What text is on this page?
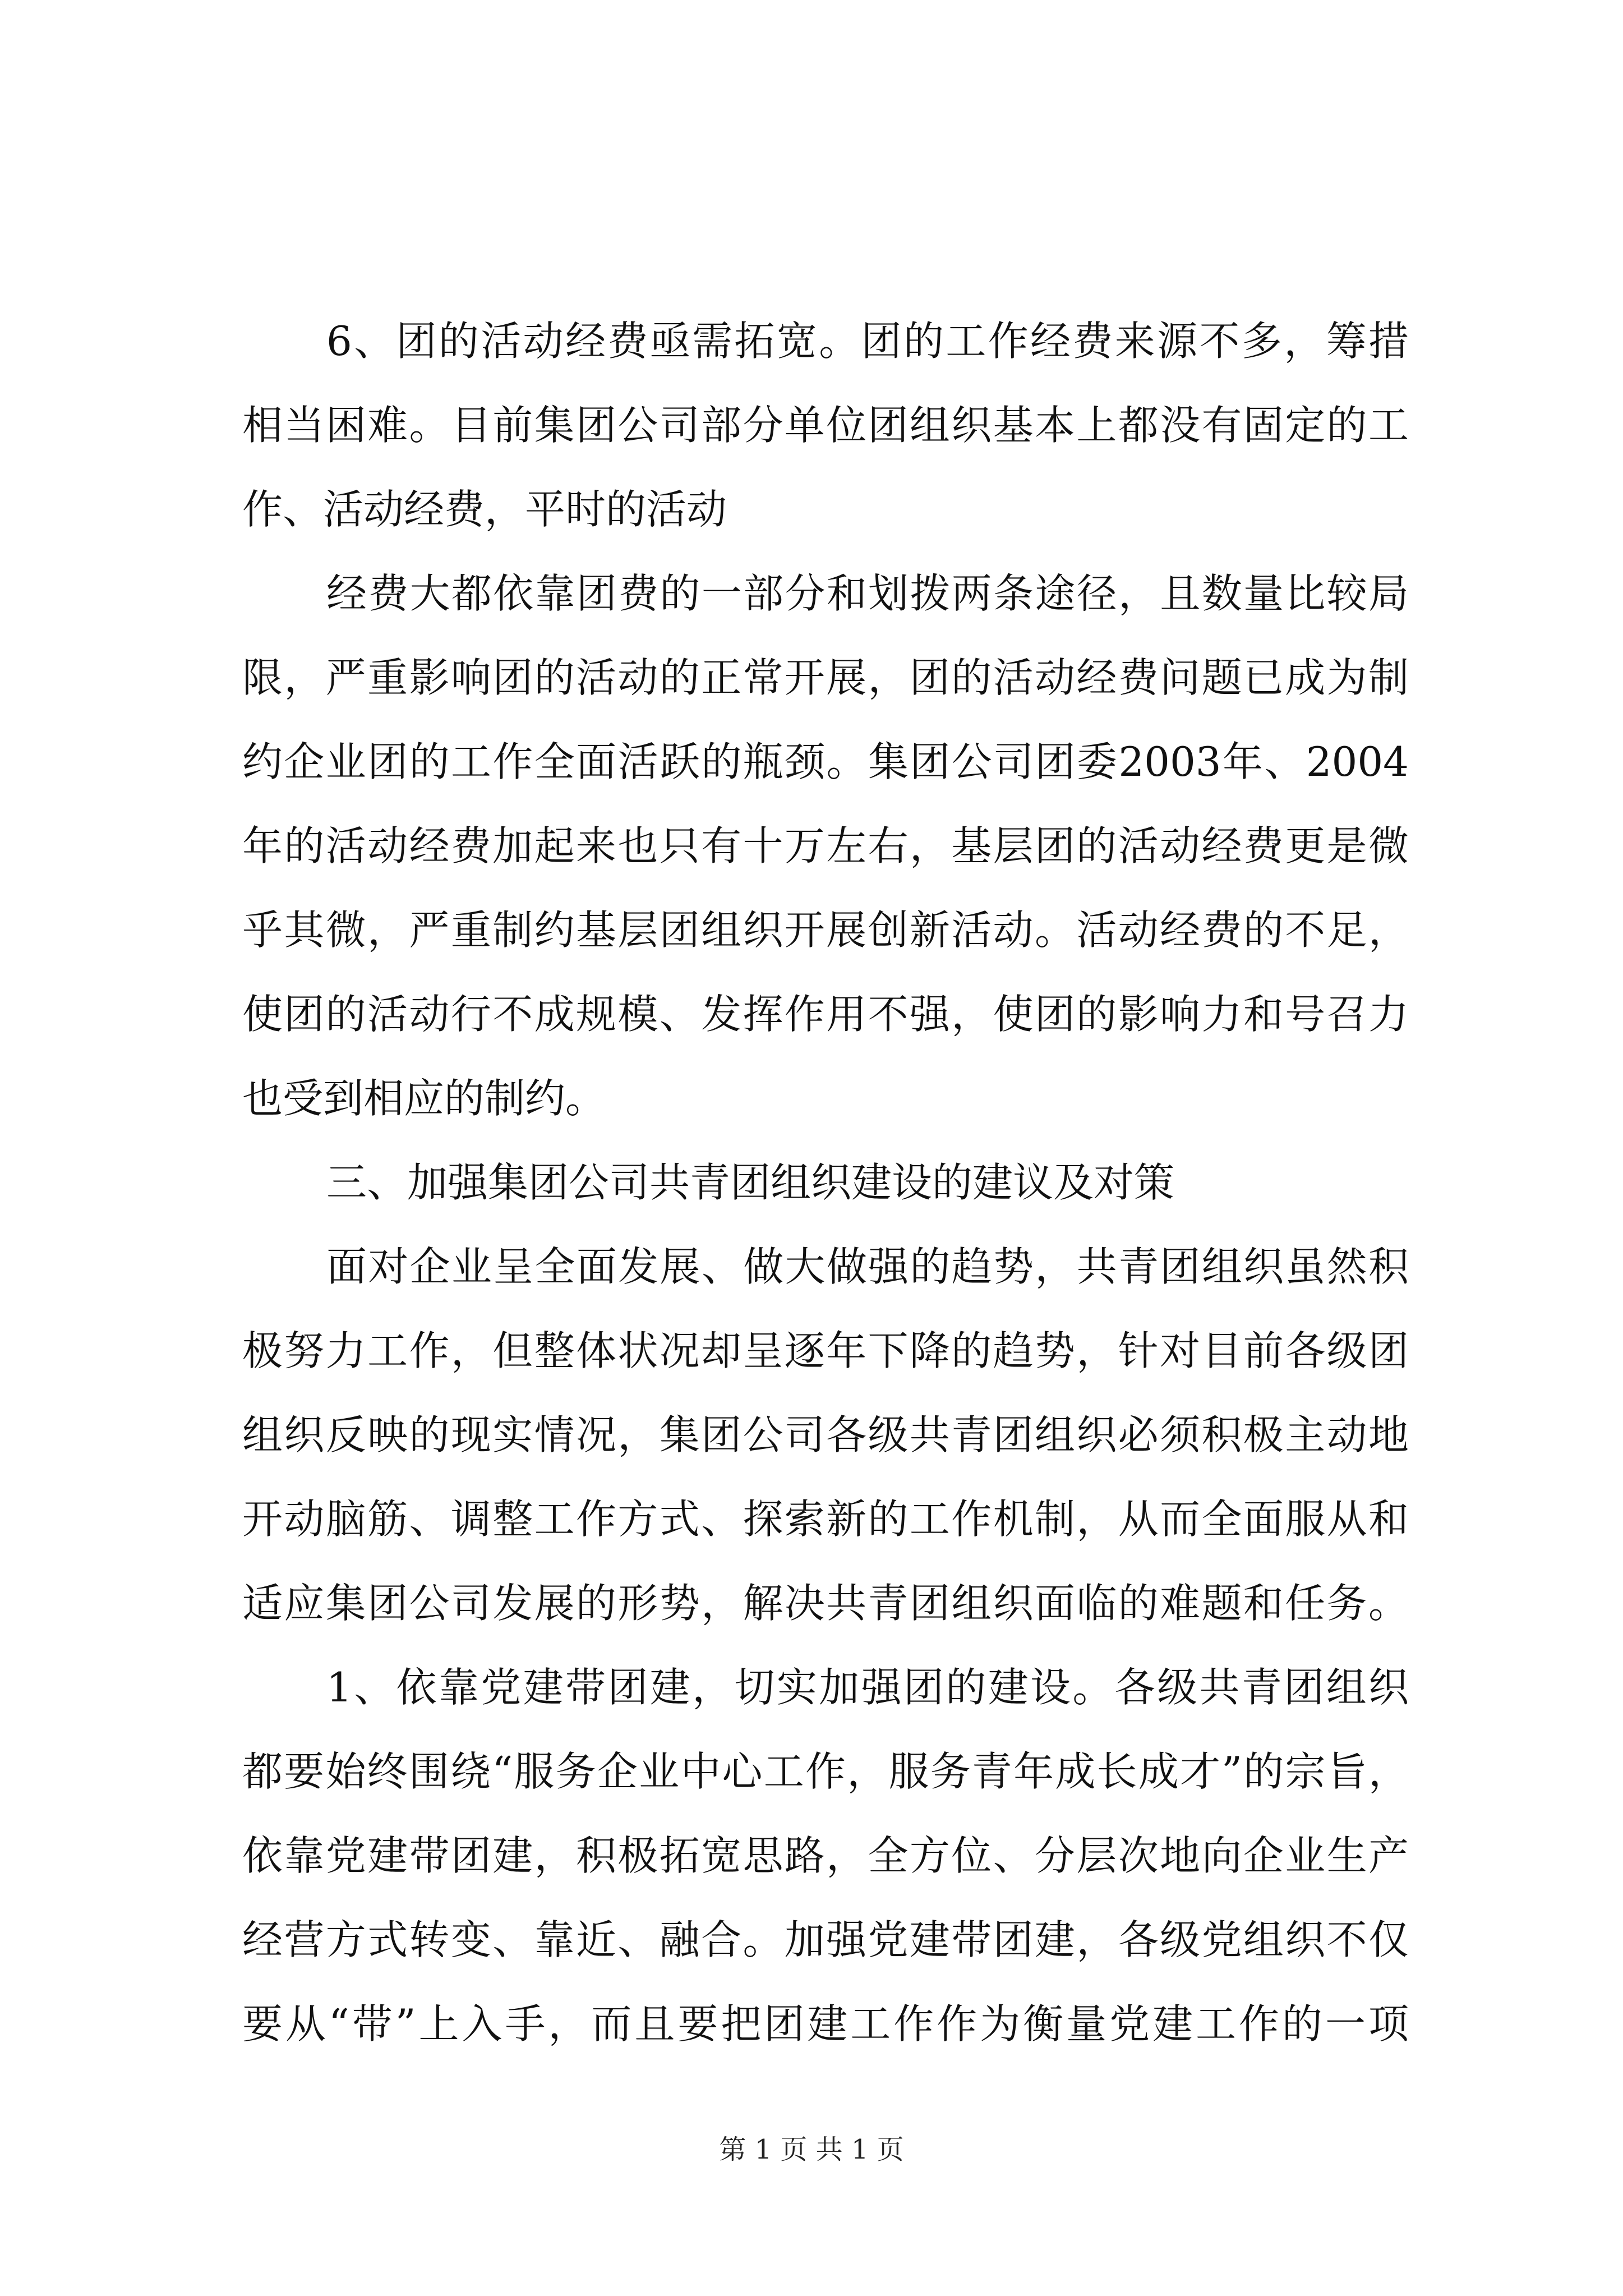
6、团的活动经费亟需拓宽。团的工作经费来源不多，筹措
相当困难。目前集团公司部分单位团组织基本上都没有固定的工
作、活动经费，平时的活动
经费大都依靠团费的一部分和划拨两条途径，且数量比较局
限，严重影响团的活动的正常开展，团的活动经费问题已成为制
约企业团的工作全面活跃的瓶颈。集团公司团委2003年、2004
年的活动经费加起来也只有十万左右，基层团的活动经费更是微
乎其微，严重制约基层团组织开展创新活动。活动经费的不足，
使团的活动行不成规模、发挥作用不强，使团的影响力和号召力
也受到相应的制约。
三、加强集团公司共青团组织建设的建议及对策
面对企业呈全面发展、做大做强的趋势，共青团组织虽然积
极努力工作，但整体状况却呈逐年下降的趋势，针对目前各级团
组织反映的现实情况，集团公司各级共青团组织必须积极主动地
开动脑筋、调整工作方式、探索新的工作机制，从而全面服从和
适应集团公司发展的形势，解决共青团组织面临的难题和任务。
1、依靠党建带团建，切实加强团的建设。各级共青团组织
都要始终围绕“服务企业中心工作，服务青年成长成才”的宗旨，
依靠党建带团建，积极拓宽思路，全方位、分层次地向企业生产
经营方式转变、靠近、融合。加强党建带团建，各级党组织不仅
要从“带”上入手，而且要把团建工作作为衡量党建工作的一项
第 1 页 共 1 页
